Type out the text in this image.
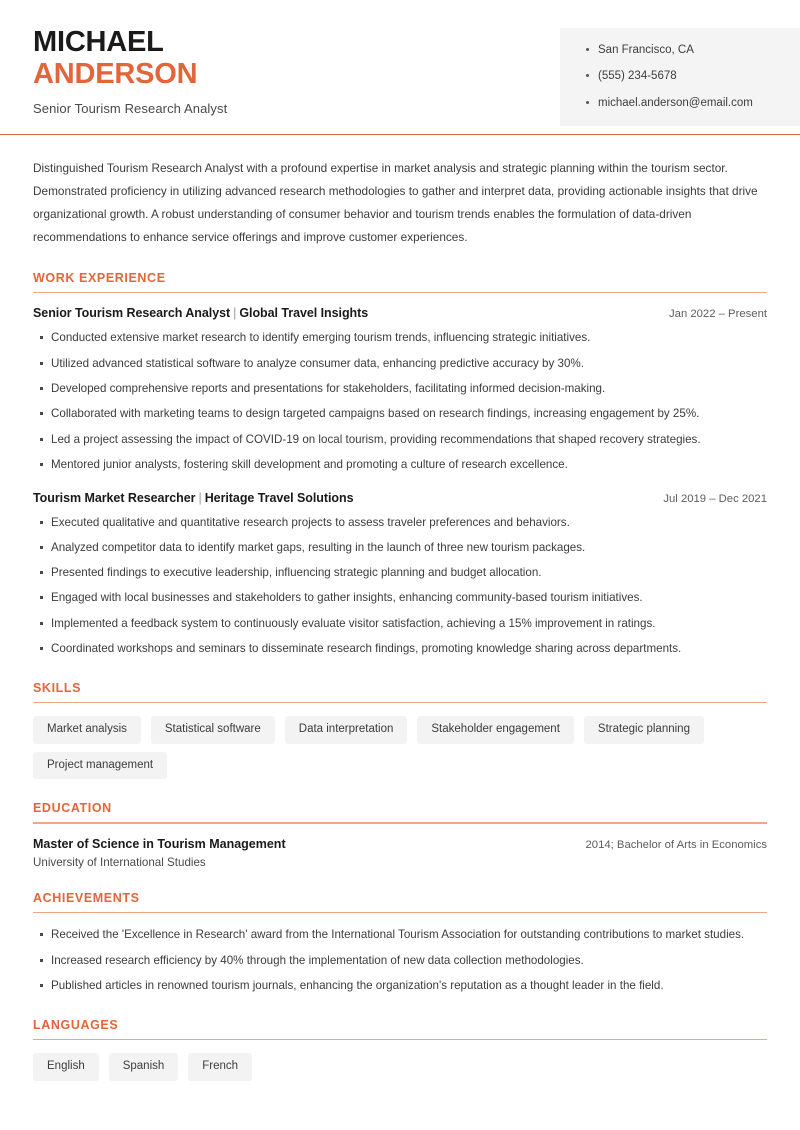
MICHAEL
ANDERSON
Senior Tourism Research Analyst
San Francisco, CA
(555) 234-5678
michael.anderson@email.com

Distinguished Tourism Research Analyst with a profound expertise in market analysis and strategic planning within the tourism sector. Demonstrated proficiency in utilizing advanced research methodologies to gather and interpret data, providing actionable insights that drive organizational growth. A robust understanding of consumer behavior and tourism trends enables the formulation of data-driven recommendations to enhance service offerings and improve customer experiences.

WORK EXPERIENCE
Senior Tourism Research Analyst | Global Travel Insights	Jan 2022 – Present
Conducted extensive market research to identify emerging tourism trends, influencing strategic initiatives.
Utilized advanced statistical software to analyze consumer data, enhancing predictive accuracy by 30%.
Developed comprehensive reports and presentations for stakeholders, facilitating informed decision-making.
Collaborated with marketing teams to design targeted campaigns based on research findings, increasing engagement by 25%.
Led a project assessing the impact of COVID-19 on local tourism, providing recommendations that shaped recovery strategies.
Mentored junior analysts, fostering skill development and promoting a culture of research excellence.
Tourism Market Researcher | Heritage Travel Solutions	Jul 2019 – Dec 2021
Executed qualitative and quantitative research projects to assess traveler preferences and behaviors.
Analyzed competitor data to identify market gaps, resulting in the launch of three new tourism packages.
Presented findings to executive leadership, influencing strategic planning and budget allocation.
Engaged with local businesses and stakeholders to gather insights, enhancing community-based tourism initiatives.
Implemented a feedback system to continuously evaluate visitor satisfaction, achieving a 15% improvement in ratings.
Coordinated workshops and seminars to disseminate research findings, promoting knowledge sharing across departments.
SKILLS
Market analysis	Statistical software	Data interpretation	Stakeholder engagement	Strategic planning
Project management
EDUCATION
Master of Science in Tourism Management	2014; Bachelor of Arts in Economics
University of International Studies
ACHIEVEMENTS
Received the 'Excellence in Research' award from the International Tourism Association for outstanding contributions to market studies.
Increased research efficiency by 40% through the implementation of new data collection methodologies.
Published articles in renowned tourism journals, enhancing the organization's reputation as a thought leader in the field.
LANGUAGES
English	Spanish	French
